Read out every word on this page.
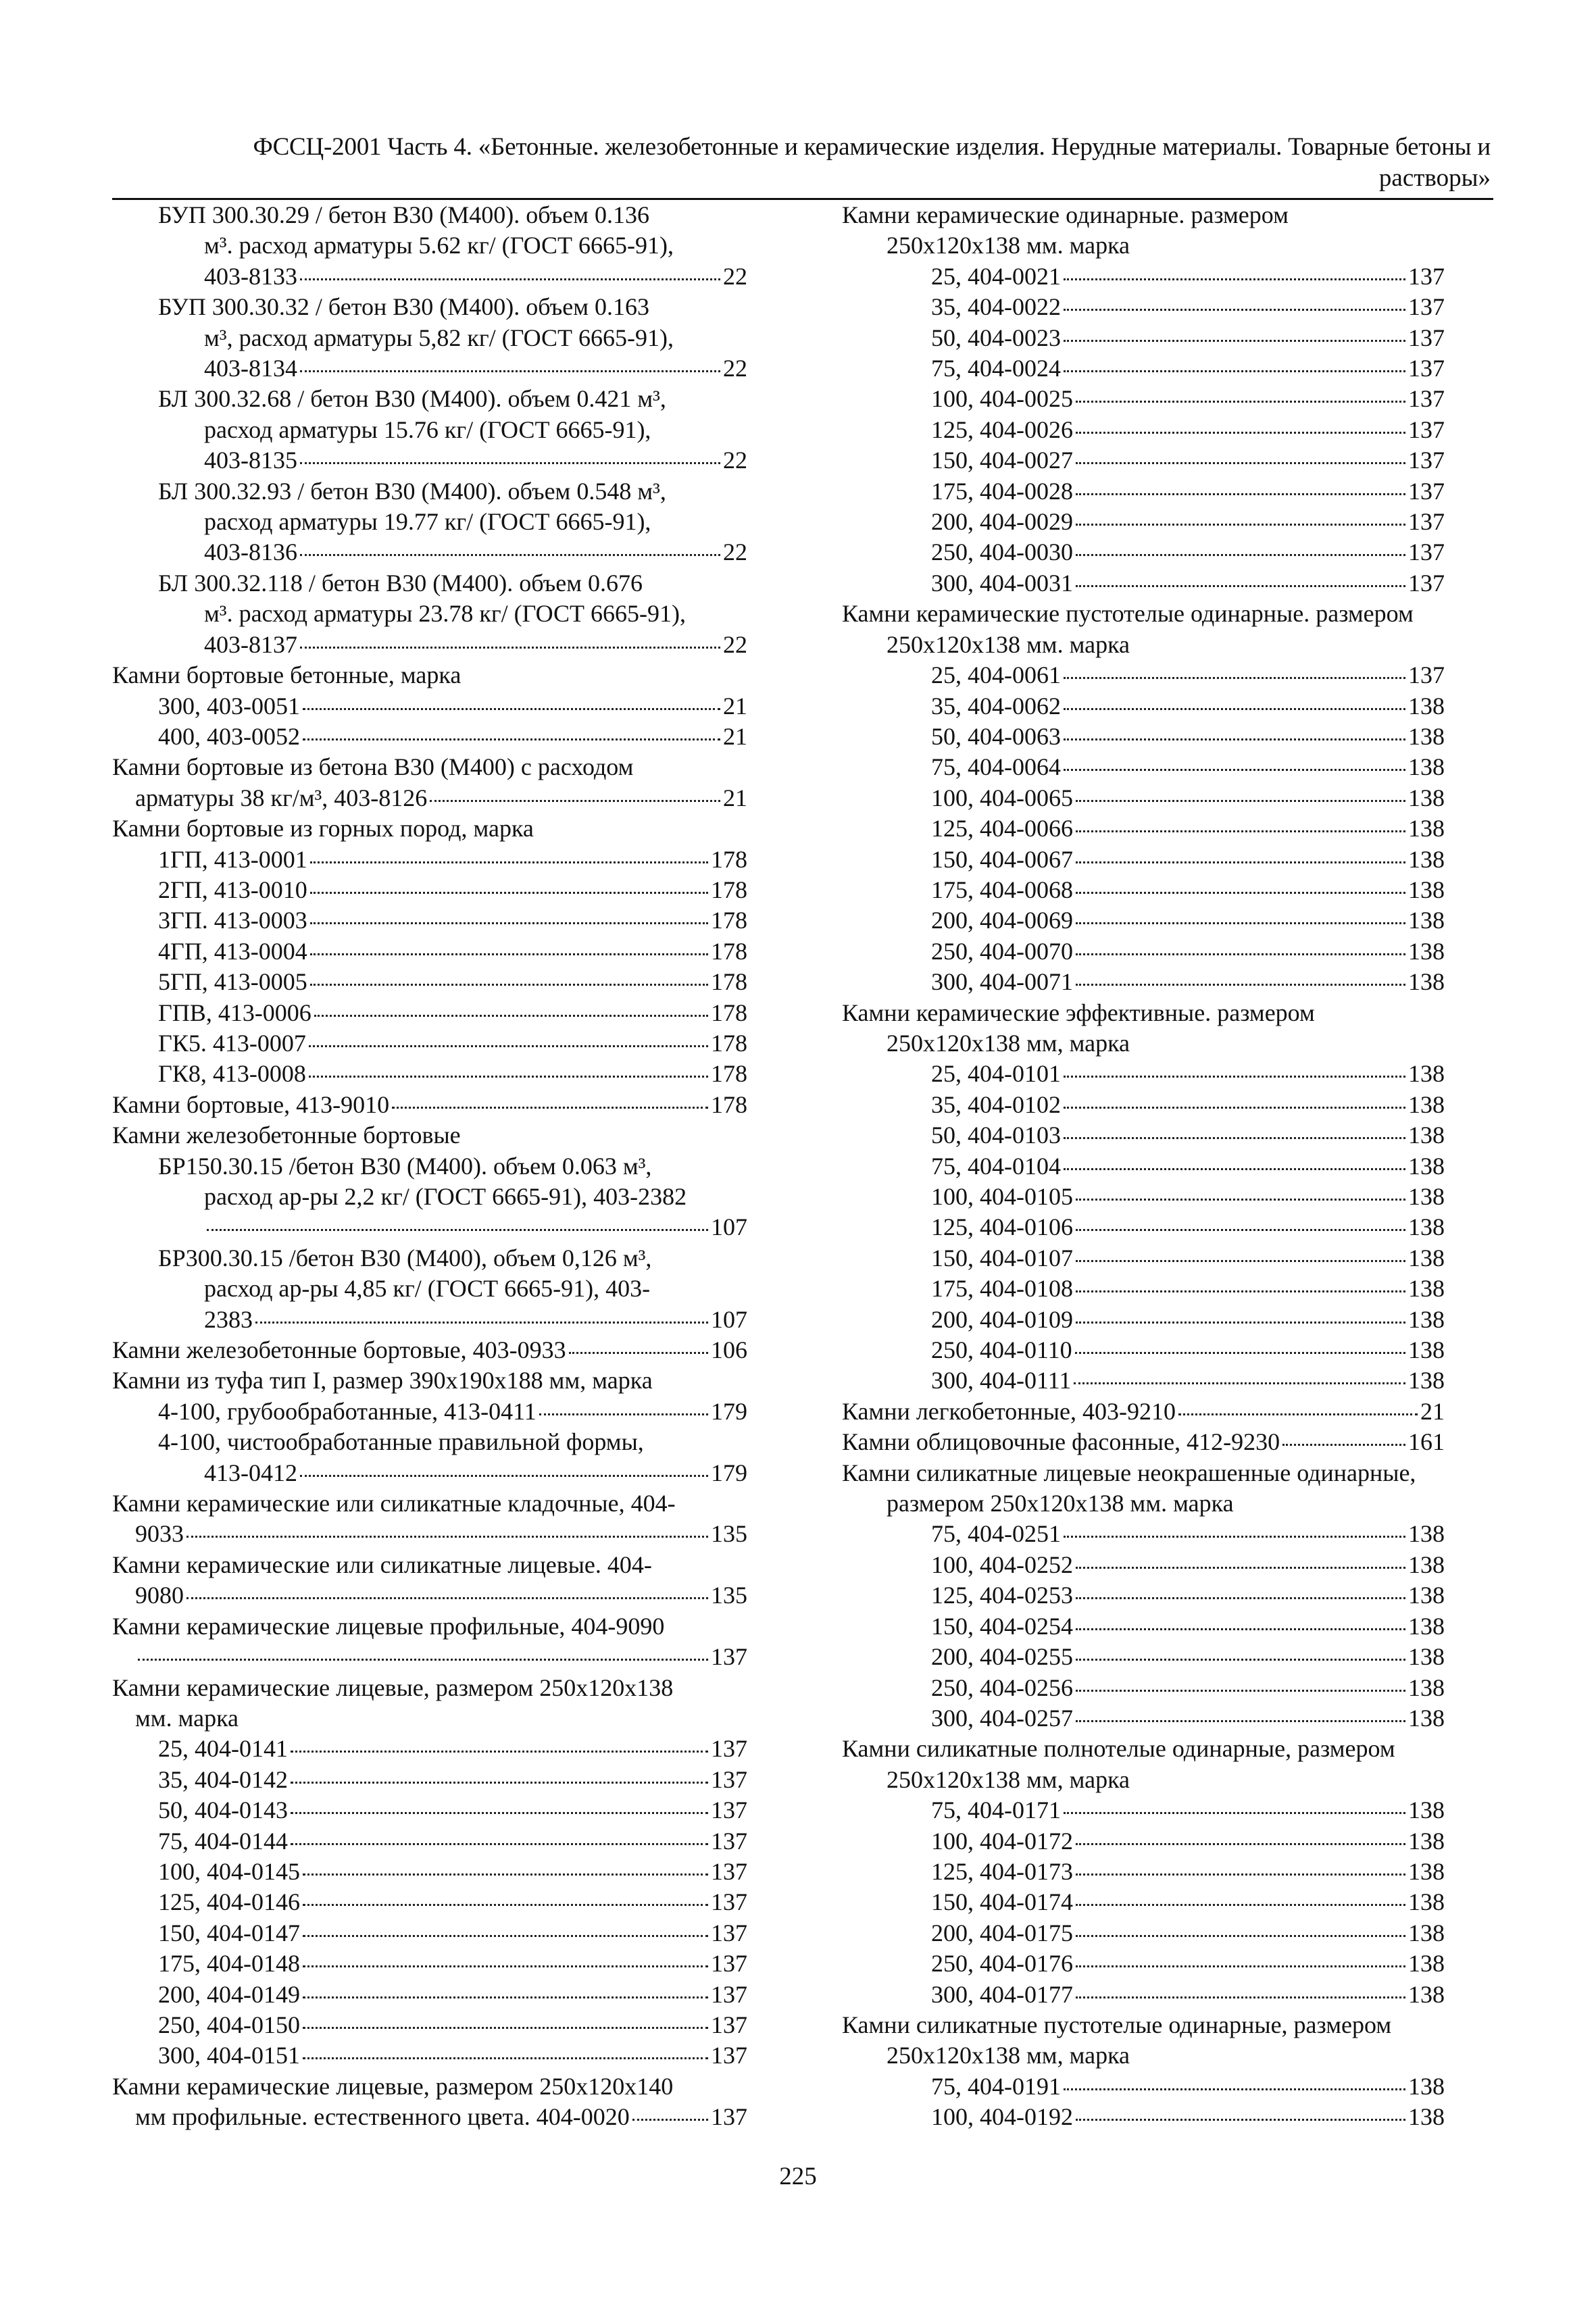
ФССЦ-2001 Часть 4. «Бетонные. железобетонные и керамические изделия. Нерудные материалы. Товарные бетоны и
растворы»
БУП 300.30.29 / бетон В30 (М400). объем 0.136
м³. расход арматуры 5.62 кг/ (ГОСТ 6665-91),
403-8133	22
БУП 300.30.32 / бетон В30 (М400). объем 0.163
м³, расход арматуры 5,82 кг/ (ГОСТ 6665-91),
403-8134	22
БЛ 300.32.68 / бетон В30 (М400). объем 0.421 м³,
расход арматуры 15.76 кг/ (ГОСТ 6665-91),
403-8135	22
БЛ 300.32.93 / бетон В30 (М400). объем 0.548 м³,
расход арматуры 19.77 кг/ (ГОСТ 6665-91),
403-8136	22
БЛ 300.32.118 / бетон В30 (М400). объем 0.676
м³. расход арматуры 23.78 кг/ (ГОСТ 6665-91),
403-8137	22
Камни бортовые бетонные, марка
300, 403-0051	21
400, 403-0052	21
Камни бортовые из бетона В30 (М400) с расходом
арматуры 38 кг/м³, 403-8126	21
Камни бортовые из горных пород, марка
1ГП, 413-0001	178
2ГП, 413-0010	178
3ГП. 413-0003	178
4ГП, 413-0004	178
5ГП, 413-0005	178
ГПВ, 413-0006	178
ГК5. 413-0007	178
ГК8, 413-0008	178
Камни бортовые, 413-9010	178
Камни железобетонные бортовые
БР150.30.15 /бетон В30 (М400). объем 0.063 м³,
расход ар-ры 2,2 кг/ (ГОСТ 6665-91), 403-2382
107
БР300.30.15 /бетон В30 (М400), объем 0,126 м³,
расход ар-ры 4,85 кг/ (ГОСТ 6665-91), 403-
2383	107
Камни железобетонные бортовые, 403-0933	106
Камни из туфа тип I, размер 390x190x188 мм, марка
4-100, грубообработанные, 413-0411	179
4-100, чистообработанные правильной формы,
413-0412	179
Камни керамические или силикатные кладочные, 404-
9033	135
Камни керамические или силикатные лицевые. 404-
9080	135
Камни керамические лицевые профильные, 404-9090
137
Камни керамические лицевые, размером 250x120x138
мм. марка
25, 404-0141	137
35, 404-0142	137
50, 404-0143	137
75, 404-0144	137
100, 404-0145	137
125, 404-0146	137
150, 404-0147	137
175, 404-0148	137
200, 404-0149	137
250, 404-0150	137
300, 404-0151	137
Камни керамические лицевые, размером 250x120x140
мм профильные. естественного цвета. 404-0020	137
Камни керамические одинарные. размером
250x120x138 мм. марка
25, 404-0021	137
35, 404-0022	137
50, 404-0023	137
75, 404-0024	137
100, 404-0025	137
125, 404-0026	137
150, 404-0027	137
175, 404-0028	137
200, 404-0029	137
250, 404-0030	137
300, 404-0031	137
Камни керамические пустотелые одинарные. размером
250x120x138 мм. марка
25, 404-0061	137
35, 404-0062	138
50, 404-0063	138
75, 404-0064	138
100, 404-0065	138
125, 404-0066	138
150, 404-0067	138
175, 404-0068	138
200, 404-0069	138
250, 404-0070	138
300, 404-0071	138
Камни керамические эффективные. размером
250x120x138 мм, марка
25, 404-0101	138
35, 404-0102	138
50, 404-0103	138
75, 404-0104	138
100, 404-0105	138
125, 404-0106	138
150, 404-0107	138
175, 404-0108	138
200, 404-0109	138
250, 404-0110	138
300, 404-0111	138
Камни легкобетонные, 403-9210	21
Камни облицовочные фасонные, 412-9230	161
Камни силикатные лицевые неокрашенные одинарные,
размером 250x120x138 мм. марка
75, 404-0251	138
100, 404-0252	138
125, 404-0253	138
150, 404-0254	138
200, 404-0255	138
250, 404-0256	138
300, 404-0257	138
Камни силикатные полнотелые одинарные, размером
250x120x138 мм, марка
75, 404-0171	138
100, 404-0172	138
125, 404-0173	138
150, 404-0174	138
200, 404-0175	138
250, 404-0176	138
300, 404-0177	138
Камни силикатные пустотелые одинарные, размером
250x120x138 мм, марка
75, 404-0191	138
100, 404-0192	138
225
